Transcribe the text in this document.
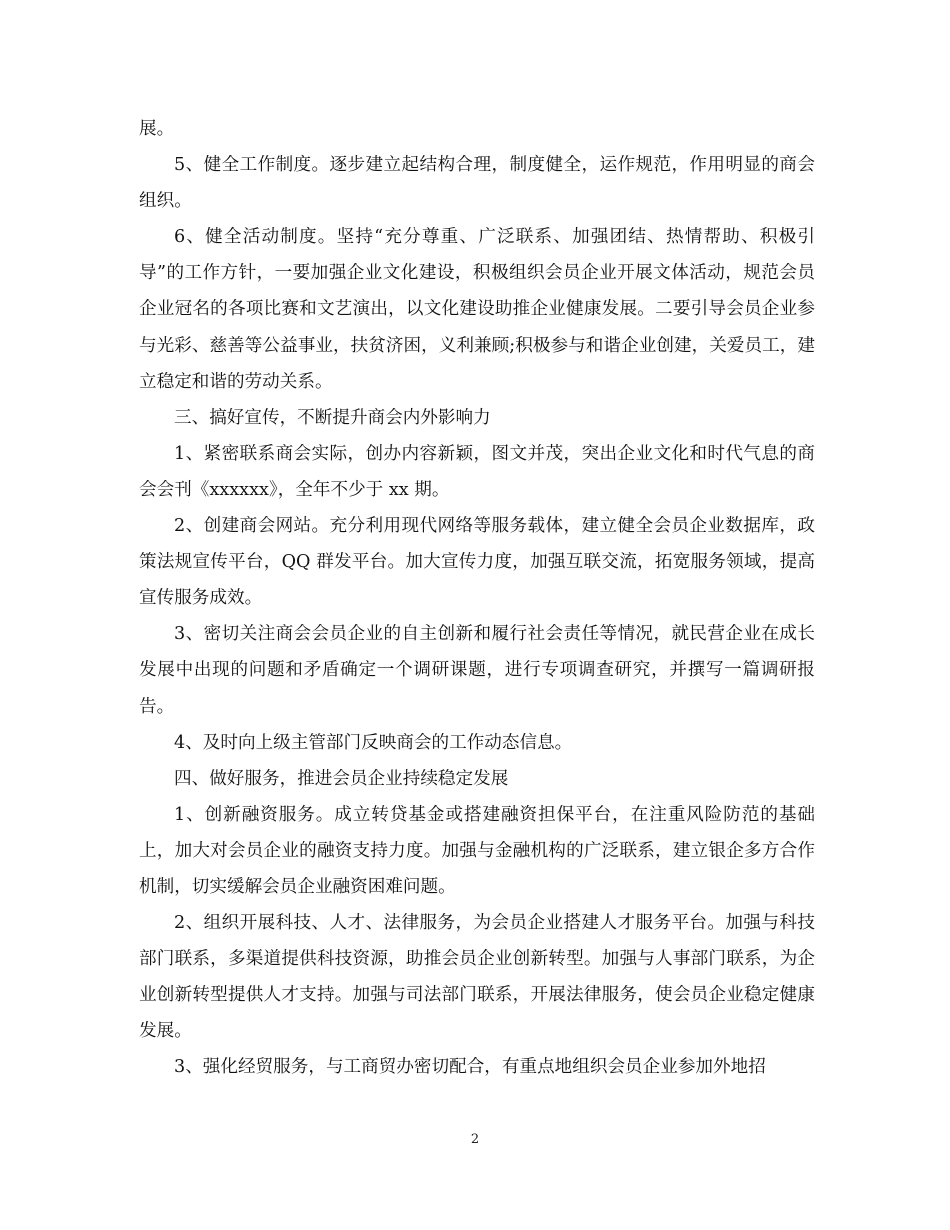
展。

5、健全工作制度。逐步建立起结构合理，制度健全，运作规范，作用明显的商会组织。

6、健全活动制度。坚持“充分尊重、广泛联系、加强团结、热情帮助、积极引导”的工作方针，一要加强企业文化建设，积极组织会员企业开展文体活动，规范会员企业冠名的各项比赛和文艺演出，以文化建设助推企业健康发展。二要引导会员企业参与光彩、慈善等公益事业，扶贫济困，义利兼顾;积极参与和谐企业创建，关爱员工，建立稳定和谐的劳动关系。

三、搞好宣传，不断提升商会内外影响力

1、紧密联系商会实际，创办内容新颖，图文并茂，突出企业文化和时代气息的商会会刊《xxxxxx》，全年不少于 xx 期。

2、创建商会网站。充分利用现代网络等服务载体，建立健全会员企业数据库，政策法规宣传平台，QQ 群发平台。加大宣传力度，加强互联交流，拓宽服务领域，提高宣传服务成效。

3、密切关注商会会员企业的自主创新和履行社会责任等情况，就民营企业在成长发展中出现的问题和矛盾确定一个调研课题，进行专项调查研究，并撰写一篇调研报告。

4、及时向上级主管部门反映商会的工作动态信息。

四、做好服务，推进会员企业持续稳定发展

1、创新融资服务。成立转贷基金或搭建融资担保平台，在注重风险防范的基础上，加大对会员企业的融资支持力度。加强与金融机构的广泛联系，建立银企多方合作机制，切实缓解会员企业融资困难问题。

2、组织开展科技、人才、法律服务，为会员企业搭建人才服务平台。加强与科技部门联系，多渠道提供科技资源，助推会员企业创新转型。加强与人事部门联系，为企业创新转型提供人才支持。加强与司法部门联系，开展法律服务，使会员企业稳定健康发展。

3、强化经贸服务，与工商贸办密切配合，有重点地组织会员企业参加外地招

2
